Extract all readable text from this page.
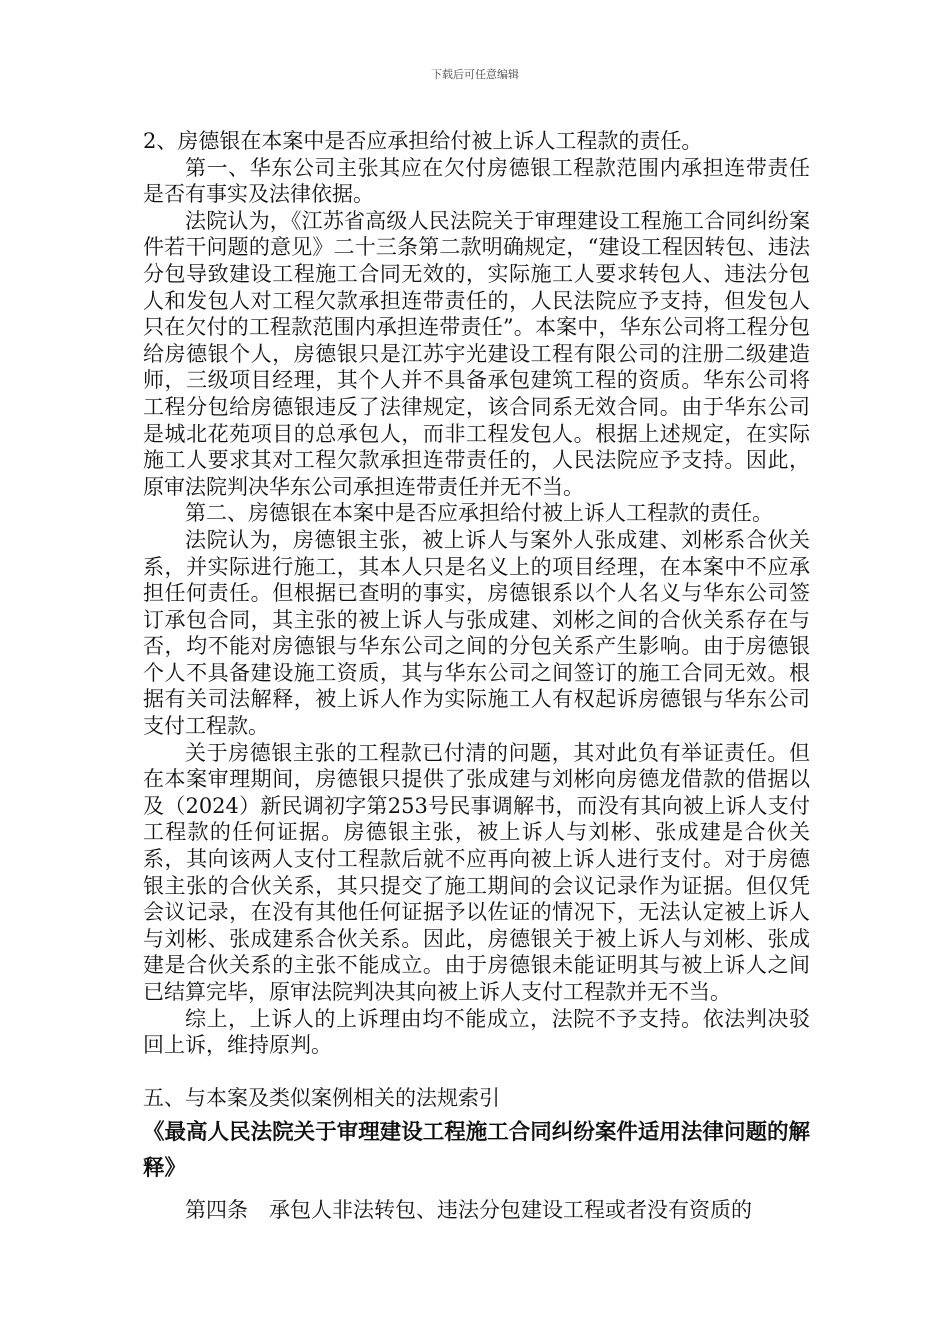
下载后可任意编辑

2、房德银在本案中是否应承担给付被上诉人工程款的责任。

第一、华东公司主张其应在欠付房德银工程款范围内承担连带责任是否有事实及法律依据。

法院认为，《江苏省高级人民法院关于审理建设工程施工合同纠纷案件若干问题的意见》二十三条第二款明确规定，“建设工程因转包、违法分包导致建设工程施工合同无效的，实际施工人要求转包人、违法分包人和发包人对工程欠款承担连带责任的，人民法院应予支持，但发包人只在欠付的工程款范围内承担连带责任”。本案中，华东公司将工程分包给房德银个人，房德银只是江苏宇光建设工程有限公司的注册二级建造师，三级项目经理，其个人并不具备承包建筑工程的资质。华东公司将工程分包给房德银违反了法律规定，该合同系无效合同。由于华东公司是城北花苑项目的总承包人，而非工程发包人。根据上述规定，在实际施工人要求其对工程欠款承担连带责任的，人民法院应予支持。因此，原审法院判决华东公司承担连带责任并无不当。

第二、房德银在本案中是否应承担给付被上诉人工程款的责任。

法院认为，房德银主张，被上诉人与案外人张成建、刘彬系合伙关系，并实际进行施工，其本人只是名义上的项目经理，在本案中不应承担任何责任。但根据已查明的事实，房德银系以个人名义与华东公司签订承包合同，其主张的被上诉人与张成建、刘彬之间的合伙关系存在与否，均不能对房德银与华东公司之间的分包关系产生影响。由于房德银个人不具备建设施工资质，其与华东公司之间签订的施工合同无效。根据有关司法解释，被上诉人作为实际施工人有权起诉房德银与华东公司支付工程款。

关于房德银主张的工程款已付清的问题，其对此负有举证责任。但在本案审理期间，房德银只提供了张成建与刘彬向房德龙借款的借据以及（2024）新民调初字第253号民事调解书，而没有其向被上诉人支付工程款的任何证据。房德银主张，被上诉人与刘彬、张成建是合伙关系，其向该两人支付工程款后就不应再向被上诉人进行支付。对于房德银主张的合伙关系，其只提交了施工期间的会议记录作为证据。但仅凭会议记录，在没有其他任何证据予以佐证的情况下，无法认定被上诉人与刘彬、张成建系合伙关系。因此，房德银关于被上诉人与刘彬、张成建是合伙关系的主张不能成立。由于房德银未能证明其与被上诉人之间已结算完毕，原审法院判决其向被上诉人支付工程款并无不当。

综上，上诉人的上诉理由均不能成立，法院不予支持。依法判决驳回上诉，维持原判。

五、与本案及类似案例相关的法规索引

《最高人民法院关于审理建设工程施工合同纠纷案件适用法律问题的解释》

第四条　承包人非法转包、违法分包建设工程或者没有资质的
